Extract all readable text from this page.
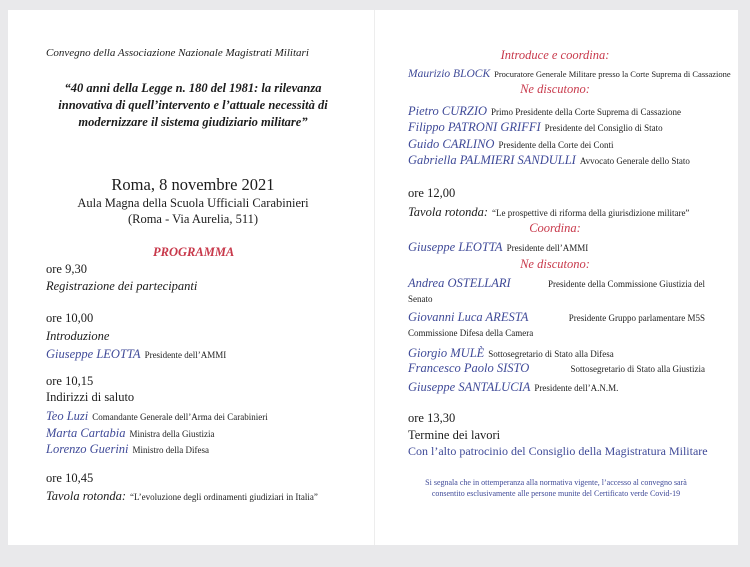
Convegno della Associazione Nazionale Magistrati Militari
“40 anni della Legge n. 180 del 1981: la rilevanza
innovativa di quell’intervento e l’attuale necessità di
modernizzare il sistema giudiziario militare”
Roma, 8 novembre 2021
Aula Magna della Scuola Ufficiali Carabinieri
(Roma - Via Aurelia, 511)
PROGRAMMA
ore 9,30
Registrazione dei partecipanti
ore 10,00
Introduzione
Giuseppe LEOTTA Presidente dell’AMMI
ore 10,15
Indirizzi di saluto
Teo Luzi Comandante Generale dell’Arma dei Carabinieri
Marta Cartabia Ministra della Giustizia
Lorenzo Guerini Ministro della Difesa
ore 10,45
Tavola rotonda: “L’evoluzione degli ordinamenti giudiziari in Italia”
Introduce e coordina:
Maurizio BLOCK Procuratore Generale Militare presso la Corte Suprema di Cassazione
Ne discutono:
Pietro CURZIO Primo Presidente della Corte Suprema di Cassazione
Filippo PATRONI GRIFFI Presidente del Consiglio di Stato
Guido CARLINO Presidente della Corte dei Conti
Gabriella PALMIERI SANDULLI Avvocato Generale dello Stato
ore 12,00
Tavola rotonda: “Le prospettive di riforma della giurisdizione militare”
Coordina:
Giuseppe LEOTTA Presidente dell’AMMI
Ne discutono:
Andrea OSTELLARI	Presidente della Commissione Giustizia del
Senato
Giovanni Luca ARESTA	Presidente Gruppo parlamentare M5S
Commissione Difesa della Camera
Giorgio MULÈ Sottosegretario di Stato alla Difesa
Francesco Paolo SISTO	Sottosegretario di Stato alla Giustizia
Giuseppe SANTALUCIA Presidente dell’A.N.M.
ore 13,30
Termine dei lavori
Con l’alto patrocinio del Consiglio della Magistratura Militare
Si segnala che in ottemperanza alla normativa vigente, l’accesso al convegno sarà
consentito esclusivamente alle persone munite del Certificato verde Covid-19
